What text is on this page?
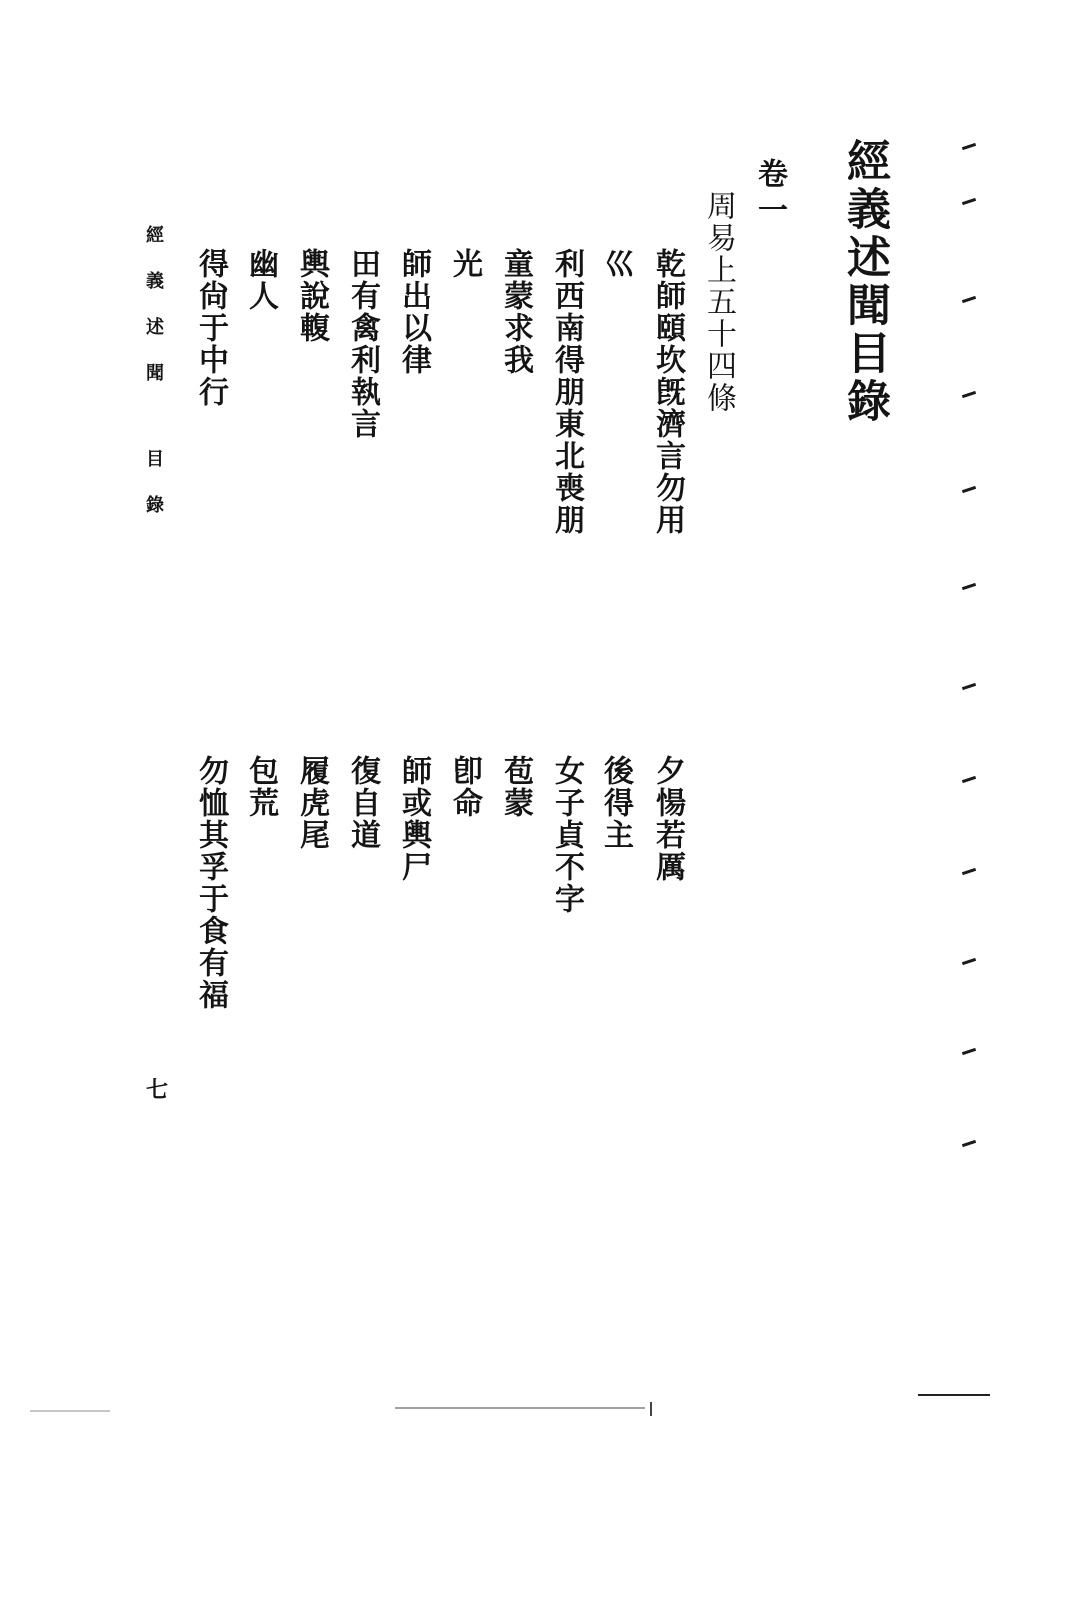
經義述聞目錄
卷一
周易上五十四條
乾師頤坎旣濟言勿用
巛
利西南得朋東北喪朋
童蒙求我
光
師出以律
田有禽利執言
輿說輹
幽人
得尙于中行
夕愓若厲
後得主
女子貞不字
苞蒙
卽命
師或輿尸
復自道
履虎尾
包荒
勿恤其孚于食有福
經義述聞目錄
七
